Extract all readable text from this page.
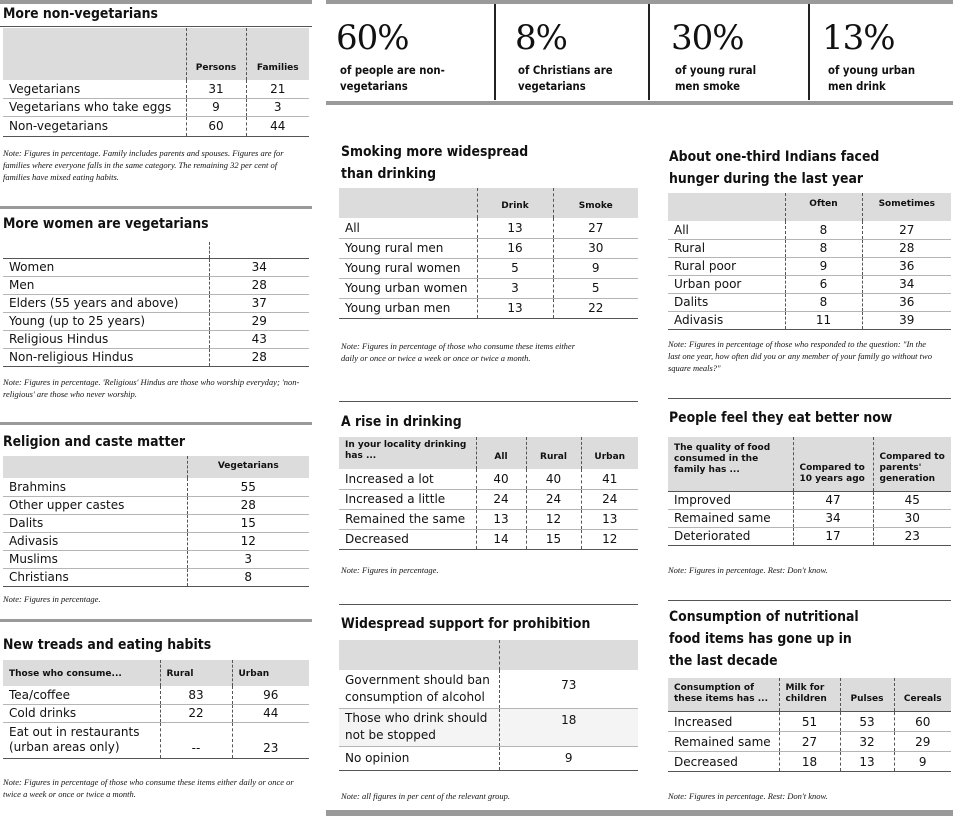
More non-vegetarians
	Persons	Families
Vegetarians	31	21
Vegetarians who take eggs	9	3
Non-vegetarians	60	44
Note: Figures in percentage. Family includes parents and spouses. Figures are for families where everyone falls in the same category. The remaining 32 per cent of families have mixed eating habits.
More women are vegetarians

Women	34
Men	28
Elders (55 years and above)	37
Young (up to 25 years)	29
Religious Hindus	43
Non-religious Hindus	28
Note: Figures in percentage. 'Religious' Hindus are those who worship everyday; 'non-religious' are those who never worship.
Religion and caste matter
	Vegetarians
Brahmins	55
Other upper castes	28
Dalits	15
Adivasis	12
Muslims	3
Christians	8
Note: Figures in percentage.
New treads and eating habits
Those who consume...	Rural	Urban
Tea/coffee	83	96
Cold drinks	22	44
Eat out in restaurants (urban areas only)	--	23
Note: Figures in percentage of those who consume these items either daily or once or twice a week or once or twice a month.
60%
of people are non-vegetarians
8%
of Christians are vegetarians
30%
of young rural men smoke
13%
of young urban men drink
Smoking more widespread than drinking
	Drink	Smoke
All	13	27
Young rural men	16	30
Young rural women	5	9
Young urban women	3	5
Young urban men	13	22
Note: Figures in percentage of those who consume these items either daily or once or twice a week or once or twice a month.
A rise in drinking
In your locality drinking has ...	All	Rural	Urban
Increased a lot	40	40	41
Increased a little	24	24	24
Remained the same	13	12	13
Decreased	14	15	12
Note: Figures in percentage.
Widespread support for prohibition

Government should ban consumption of alcohol	73
Those who drink should not be stopped	18
No opinion	9
Note: all figures in per cent of the relevant group.
About one-third Indians faced hunger during the last year
	Often	Sometimes
All	8	27
Rural	8	28
Rural poor	9	36
Urban poor	6	34
Dalits	8	36
Adivasis	11	39
Note: Figures in percentage of those who responded to the question: "In the last one year, how often did you or any member of your family go without two square meals?"
People feel they eat better now
The quality of food consumed in the family has ...	Compared to 10 years ago	Compared to parents' generation
Improved	47	45
Remained same	34	30
Deteriorated	17	23
Note: Figures in percentage. Rest: Don't know.
Consumption of nutritional food items has gone up in the last decade
Consumption of these items has ...	Milk for children	Pulses	Cereals
Increased	51	53	60
Remained same	27	32	29
Decreased	18	13	9
Note: Figures in percentage. Rest: Don't know.
